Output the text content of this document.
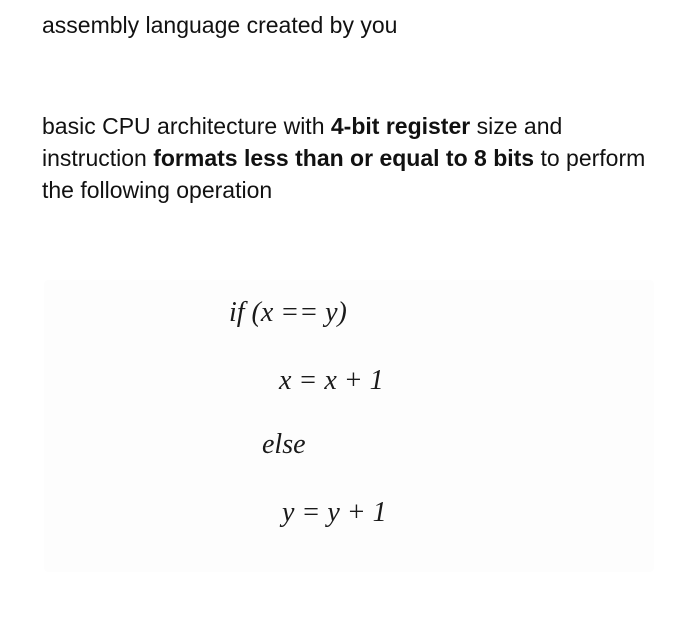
assembly language created by you
basic CPU architecture with 4-bit register size and instruction formats less than or equal to 8 bits to perform the following operation
if (x == y)
x = x + 1
else
y = y + 1
